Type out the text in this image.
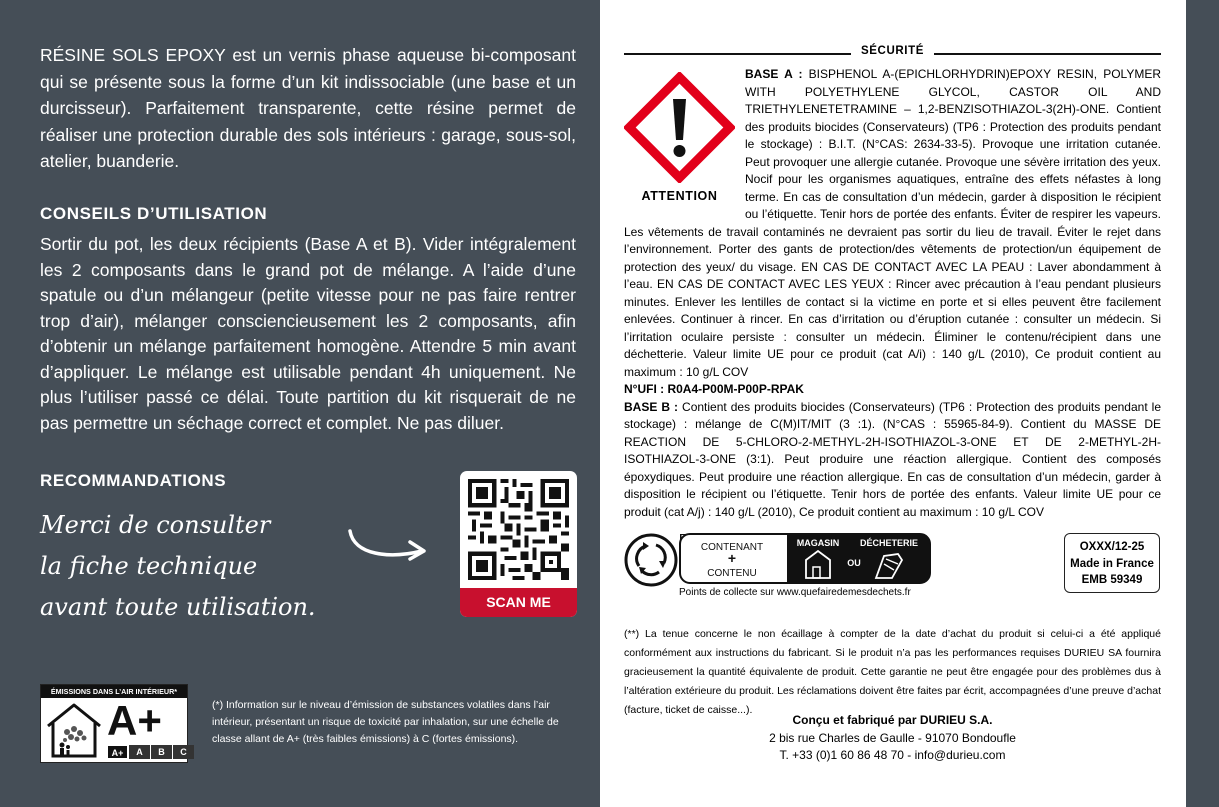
RÉSINE SOLS EPOXY est un vernis phase aqueuse bi-composant qui se présente sous la forme d’un kit indissociable (une base et un durcisseur). Parfaitement transparente, cette résine permet de réaliser une protection durable des sols intérieurs : garage, sous-sol, atelier, buanderie.

CONSEILS D’UTILISATION

Sortir du pot, les deux récipients (Base A et B). Vider intégralement les 2 composants dans le grand pot de mélange. A l’aide d’une spatule ou d’un mélangeur (petite vitesse pour ne pas faire rentrer trop d’air), mélanger consciencieusement les 2 composants, afin d’obtenir un mélange parfaitement homogène. Attendre 5 min avant d’appliquer. Le mélange est utilisable pendant 4h uniquement. Ne plus l’utiliser passé ce délai. Toute partition du kit risquerait de ne pas permettre un séchage correct et complet. Ne pas diluer.

RECOMMANDATIONS
Merci de consulter
la fiche technique
avant toute utilisation.	SCAN ME
ÉMISSIONS DANS L’AIR INTÉRIEUR*
A+
A+	A	B	C

(*) Information sur le niveau d’émission de substances volatiles dans l’air intérieur, présentant un risque de toxicité par inhalation, sur une échelle de classe allant de A+ (très faibles émissions) à C (fortes émissions).

SÉCURITÉ
ATTENTION

BASE A : BISPHENOL A-(EPICHLORHYDRIN)EPOXY RESIN, POLYMER WITH POLYETHYLENE GLYCOL, CASTOR OIL AND TRIETHYLENETETRAMINE – 1,2-BENZISOTHIAZOL-3(2H)-ONE. Contient des produits biocides (Conservateurs) (TP6 : Protection des produits pendant le stockage) : B.I.T. (N°CAS: 2634-33-5). Provoque une irritation cutanée. Peut provoquer une allergie cutanée. Provoque une sévère irritation des yeux. Nocif pour les organismes aquatiques, entraîne des effets néfastes à long terme. En cas de consultation d’un médecin, garder à disposition le récipient ou l’étiquette. Tenir hors de portée des enfants. Éviter de respirer les vapeurs. Les vêtements de travail contaminés ne devraient pas sortir du lieu de travail. Éviter le rejet dans l’environnement. Porter des gants de protection/des vêtements de protection/un équipement de protection des yeux/ du visage. EN CAS DE CONTACT AVEC LA PEAU : Laver abondamment à l’eau. EN CAS DE CONTACT AVEC LES YEUX : Rincer avec précaution à l’eau pendant plusieurs minutes. Enlever les lentilles de contact si la victime en porte et si elles peuvent être facilement enlevées. Continuer à rincer. En cas d’irritation ou d’éruption cutanée : consulter un médecin. Si l’irritation oculaire persiste : consulter un médecin. Éliminer le contenu/récipient dans une déchetterie. Valeur limite UE pour ce produit (cat A/i) : 140 g/L (2010), Ce produit contient au maximum : 10 g/L COV

N°UFI : R0A4-P00M-P00P-RPAK

BASE B : Contient des produits biocides (Conservateurs) (TP6 : Protection des produits pendant le stockage) : mélange de C(M)IT/MIT (3 :1). (N°CAS : 55965-84-9). Contient du MASSE DE REACTION DE 5-CHLORO-2-METHYL-2H-ISOTHIAZOL-3-ONE ET DE 2-METHYL-2H-ISOTHIAZOL-3-ONE (3:1). Peut produire une réaction allergique. Contient des composés époxydiques. Peut produire une réaction allergique. En cas de consultation d’un médecin, garder à disposition le récipient ou l’étiquette. Tenir hors de portée des enfants. Valeur limite UE pour ce produit (cat A/j) : 140 g/L (2010), Ce produit contient au maximum : 10 g/L COV

CONTENANT
+
CONTENU
MAGASIN
OU
DÉCHETERIE
Points de collecte sur www.quefairedemesdechets.fr
OXXX/12-25
Made in France
EMB 59349

(**) La tenue concerne le non écaillage à compter de la date d’achat du produit si celui-ci a été appliqué conformément aux instructions du fabricant. Si le produit n’a pas les performances requises DURIEU SA fournira gracieusement la quantité équivalente de produit. Cette garantie ne peut être engagée pour des problèmes dus à l’altération extérieure du produit. Les réclamations doivent être faites par écrit, accompagnées d’une preuve d’achat (facture, ticket de caisse...).

Conçu et fabriqué par DURIEU S.A.
2 bis rue Charles de Gaulle - 91070 Bondoufle
T. +33 (0)1 60 86 48 70 - info@durieu.com
